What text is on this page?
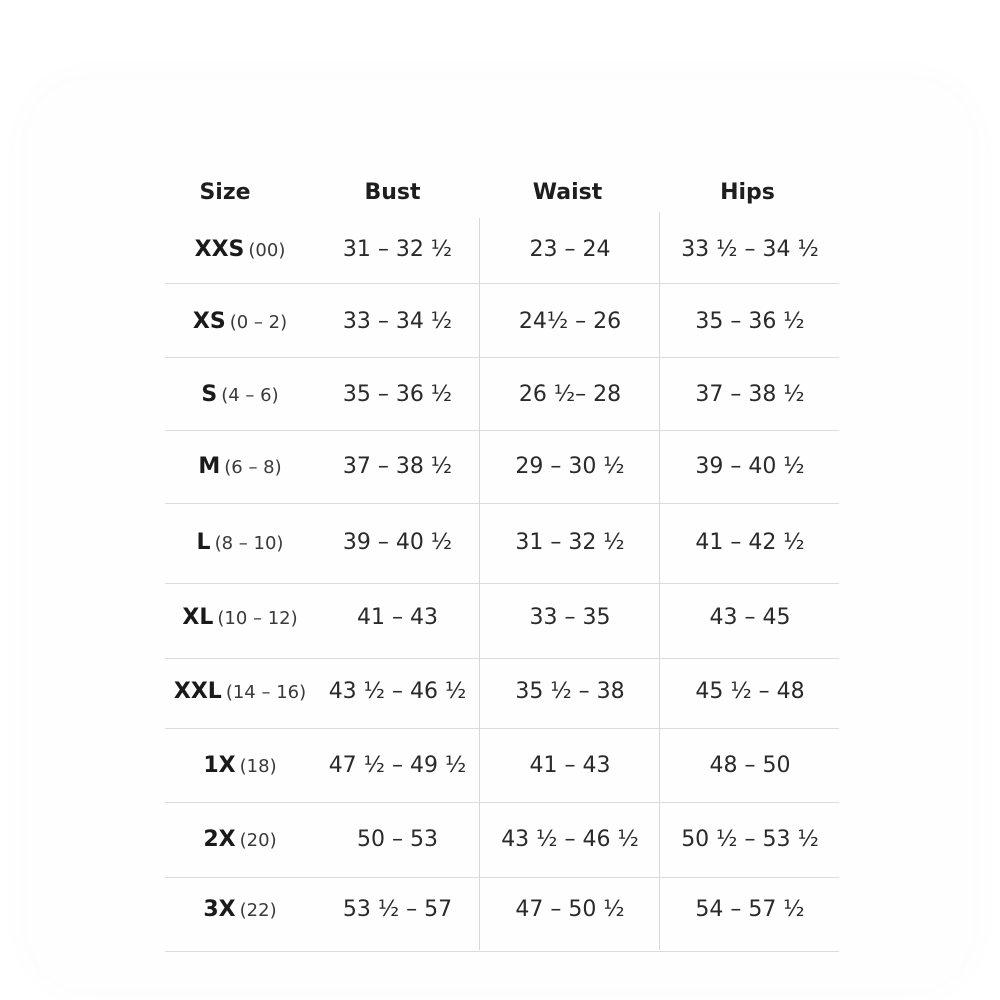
Size	Bust	Waist	Hips
XXS (00)	31 – 32 ½	23 – 24	33 ½ – 34 ½
XS (0 – 2)	33 – 34 ½	24½ – 26	35 – 36 ½
S (4 – 6)	35 – 36 ½	26 ½– 28	37 – 38 ½
M (6 – 8)	37 – 38 ½	29 – 30 ½	39 – 40 ½
L (8 – 10)	39 – 40 ½	31 – 32 ½	41 – 42 ½
XL (10 – 12)	41 – 43	33 – 35	43 – 45
XXL (14 – 16)	43 ½ – 46 ½	35 ½ – 38	45 ½ – 48
1X (18)	47 ½ – 49 ½	41 – 43	48 – 50
2X (20)	50 – 53	43 ½ – 46 ½	50 ½ – 53 ½
3X (22)	53 ½ – 57	47 – 50 ½	54 – 57 ½
